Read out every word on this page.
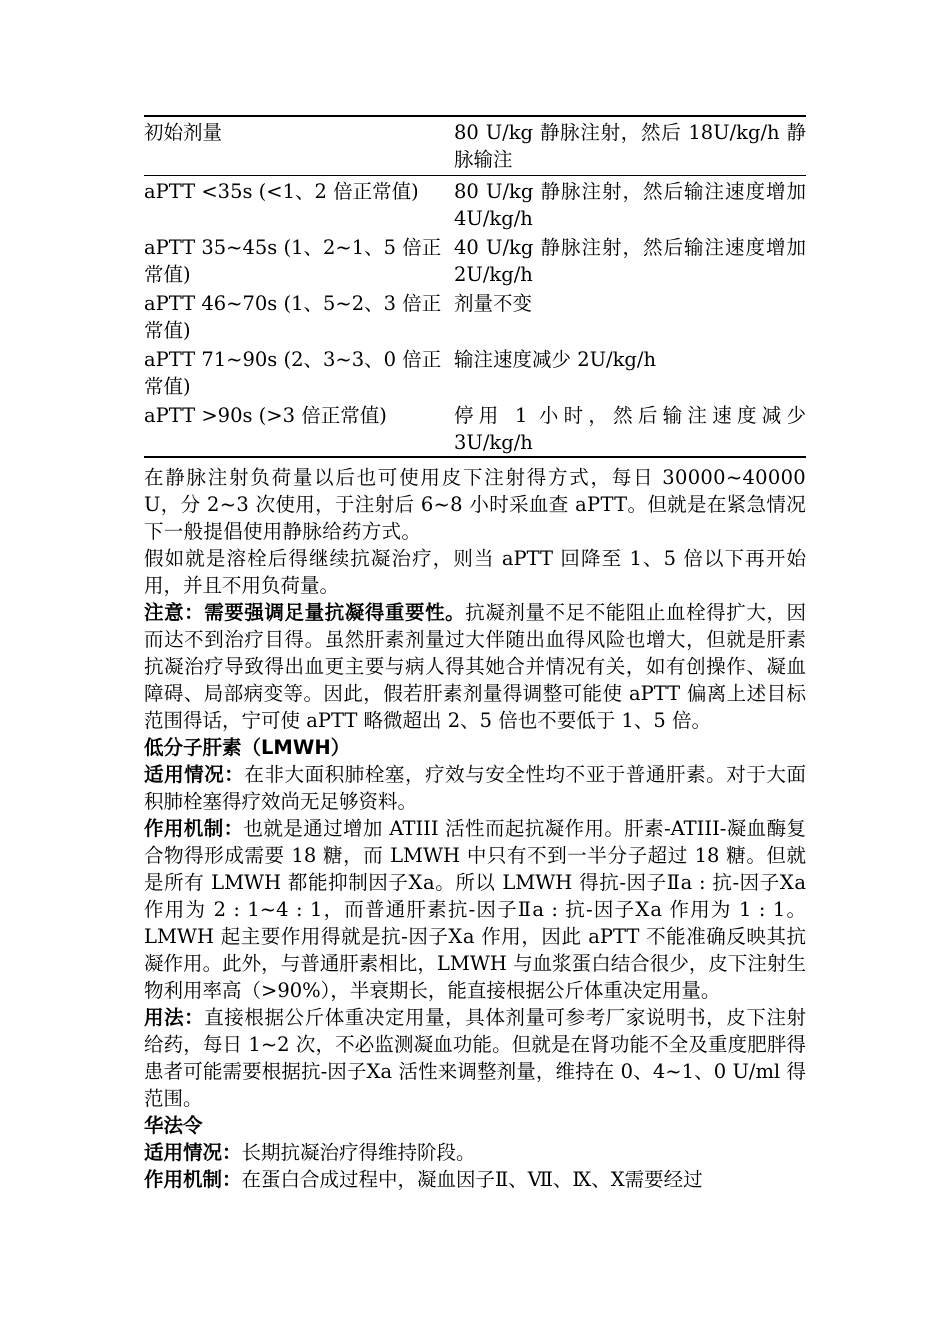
初始剂量	80 U/kg 静脉注射，然后 18U/kg/h 静脉输注
aPTT <35s (<1、2 倍正常值)	80 U/kg 静脉注射，然后输注速度增加 4U/kg/h
aPTT 35~45s (1、2~1、5 倍正常值)	40 U/kg 静脉注射，然后输注速度增加 2U/kg/h
aPTT 46~70s (1、5~2、3 倍正常值)	剂量不变
aPTT 71~90s (2、3~3、0 倍正常值)	输注速度减少 2U/kg/h
aPTT >90s (>3 倍正常值)	停用 1 小时，然后输注速度减少 3U/kg/h

在静脉注射负荷量以后也可使用皮下注射得方式，每日 30000~40000 U，分 2~3 次使用，于注射后 6~8 小时采血查 aPTT。但就是在紧急情况下一般提倡使用静脉给药方式。

假如就是溶栓后得继续抗凝治疗，则当 aPTT 回降至 1、5 倍以下再开始用，并且不用负荷量。

注意：需要强调足量抗凝得重要性。抗凝剂量不足不能阻止血栓得扩大，因而达不到治疗目得。虽然肝素剂量过大伴随出血得风险也增大，但就是肝素抗凝治疗导致得出血更主要与病人得其她合并情况有关，如有创操作、凝血障碍、局部病变等。因此，假若肝素剂量得调整可能使 aPTT 偏离上述目标范围得话，宁可使 aPTT 略微超出 2、5 倍也不要低于 1、5 倍。

低分子肝素（LMWH）

适用情况：在非大面积肺栓塞，疗效与安全性均不亚于普通肝素。对于大面积肺栓塞得疗效尚无足够资料。

作用机制：也就是通过增加 ATIII 活性而起抗凝作用。肝素-ATIII-凝血酶复合物得形成需要 18 糖，而 LMWH 中只有不到一半分子超过 18 糖。但就是所有 LMWH 都能抑制因子Ⅹa。所以 LMWH 得抗-因子Ⅱa : 抗-因子Ⅹa 作用为 2 : 1~4 : 1，而普通肝素抗-因子Ⅱa : 抗-因子Ⅹa 作用为 1 : 1。LMWH 起主要作用得就是抗-因子Ⅹa 作用，因此 aPTT 不能准确反映其抗凝作用。此外，与普通肝素相比，LMWH 与血浆蛋白结合很少，皮下注射生物利用率高（>90%），半衰期长，能直接根据公斤体重决定用量。

用法：直接根据公斤体重决定用量，具体剂量可参考厂家说明书，皮下注射给药，每日 1~2 次，不必监测凝血功能。但就是在肾功能不全及重度肥胖得患者可能需要根据抗-因子Ⅹa 活性来调整剂量，维持在 0、4~1、0 U/ml 得范围。

华法令

适用情况：长期抗凝治疗得维持阶段。

作用机制：在蛋白合成过程中，凝血因子Ⅱ、Ⅶ、Ⅸ、Ⅹ需要经过
